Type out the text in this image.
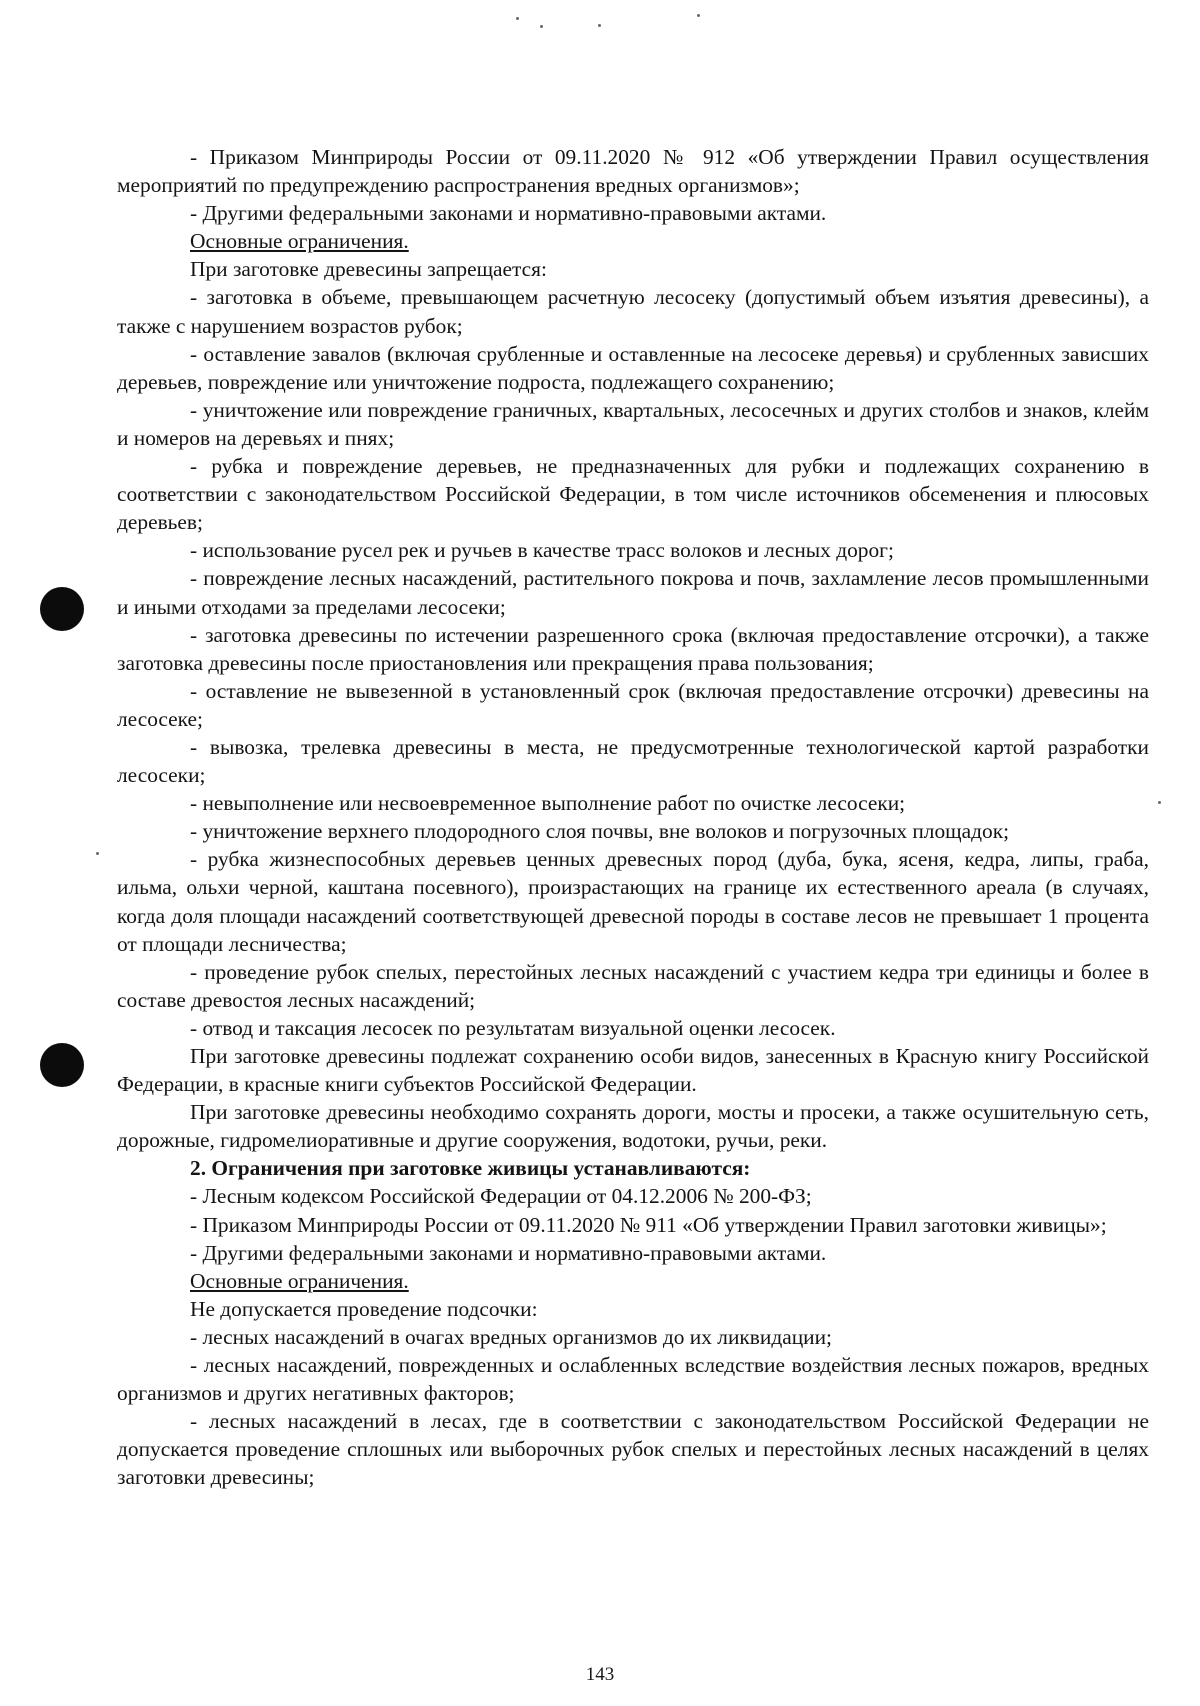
- Приказом Минприроды России от 09.11.2020 № 912 «Об утверждении Правил осуществления мероприятий по предупреждению распространения вредных организмов»;

- Другими федеральными законами и нормативно-правовыми актами.

Основные ограничения.

При заготовке древесины запрещается:

- заготовка в объеме, превышающем расчетную лесосеку (допустимый объем изъятия древесины), а также с нарушением возрастов рубок;

- оставление завалов (включая срубленные и оставленные на лесосеке деревья) и срубленных зависших деревьев, повреждение или уничтожение подроста, подлежащего сохранению;

- уничтожение или повреждение граничных, квартальных, лесосечных и других столбов и знаков, клейм и номеров на деревьях и пнях;

- рубка и повреждение деревьев, не предназначенных для рубки и подлежащих сохранению в соответствии с законодательством Российской Федерации, в том числе источников обсеменения и плюсовых деревьев;

- использование русел рек и ручьев в качестве трасс волоков и лесных дорог;

- повреждение лесных насаждений, растительного покрова и почв, захламление лесов промышленными и иными отходами за пределами лесосеки;

- заготовка древесины по истечении разрешенного срока (включая предоставление отсрочки), а также заготовка древесины после приостановления или прекращения права пользования;

- оставление не вывезенной в установленный срок (включая предоставление отсрочки) древесины на лесосеке;

- вывозка, трелевка древесины в места, не предусмотренные технологической картой разработки лесосеки;

- невыполнение или несвоевременное выполнение работ по очистке лесосеки;

- уничтожение верхнего плодородного слоя почвы, вне волоков и погрузочных площадок;

- рубка жизнеспособных деревьев ценных древесных пород (дуба, бука, ясеня, кедра, липы, граба, ильма, ольхи черной, каштана посевного), произрастающих на границе их естественного ареала (в случаях, когда доля площади насаждений соответствующей древесной породы в составе лесов не превышает 1 процента от площади лесничества;

- проведение рубок спелых, перестойных лесных насаждений с участием кедра три единицы и более в составе древостоя лесных насаждений;

- отвод и таксация лесосек по результатам визуальной оценки лесосек.

При заготовке древесины подлежат сохранению особи видов, занесенных в Красную книгу Российской Федерации, в красные книги субъектов Российской Федерации.

При заготовке древесины необходимо сохранять дороги, мосты и просеки, а также осушительную сеть, дорожные, гидромелиоративные и другие сооружения, водотоки, ручьи, реки.

2. Ограничения при заготовке живицы устанавливаются:

- Лесным кодексом Российской Федерации от 04.12.2006 № 200-ФЗ;

- Приказом Минприроды России от 09.11.2020 № 911 «Об утверждении Правил заготовки живицы»;

- Другими федеральными законами и нормативно-правовыми актами.

Основные ограничения.

Не допускается проведение подсочки:

- лесных насаждений в очагах вредных организмов до их ликвидации;

- лесных насаждений, поврежденных и ослабленных вследствие воздействия лесных пожаров, вредных организмов и других негативных факторов;

- лесных насаждений в лесах, где в соответствии с законодательством Российской Федерации не допускается проведение сплошных или выборочных рубок спелых и перестойных лесных насаждений в целях заготовки древесины;

143
